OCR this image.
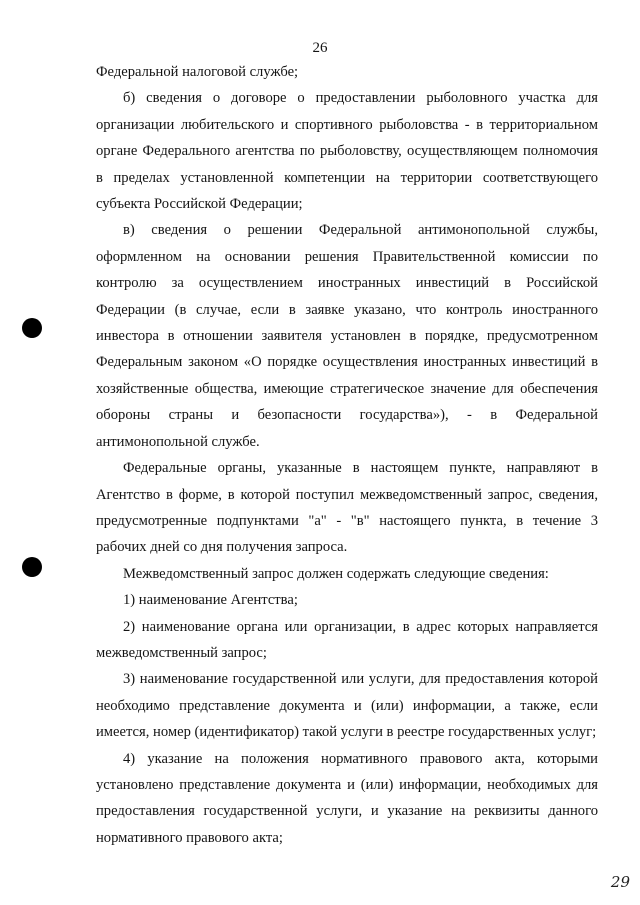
26

Федеральной налоговой службе;

б) сведения о договоре о предоставлении рыболовного участка для организации любительского и спортивного рыболовства - в территориальном органе Федерального агентства по рыболовству, осуществляющем полномочия в пределах установленной компетенции на территории соответствующего субъекта Российской Федерации;

в) сведения о решении Федеральной антимонопольной службы, оформленном на основании решения Правительственной комиссии по контролю за осуществлением иностранных инвестиций в Российской Федерации (в случае, если в заявке указано, что контроль иностранного инвестора в отношении заявителя установлен в порядке, предусмотренном Федеральным законом «О порядке осуществления иностранных инвестиций в хозяйственные общества, имеющие стратегическое значение для обеспечения обороны страны и безопасности государства»), - в Федеральной антимонопольной службе.

Федеральные органы, указанные в настоящем пункте, направляют в Агентство в форме, в которой поступил межведомственный запрос, сведения, предусмотренные подпунктами "а" - "в" настоящего пункта, в течение 3 рабочих дней со дня получения запроса.

Межведомственный запрос должен содержать следующие сведения:

1) наименование Агентства;

2) наименование органа или организации, в адрес которых направляется межведомственный запрос;

3) наименование государственной или услуги, для предоставления которой необходимо представление документа и (или) информации, а также, если имеется, номер (идентификатор) такой услуги в реестре государственных услуг;

4) указание на положения нормативного правового акта, которыми установлено представление документа и (или) информации, необходимых для предоставления государственной услуги, и указание на реквизиты данного нормативного правового акта;

29
